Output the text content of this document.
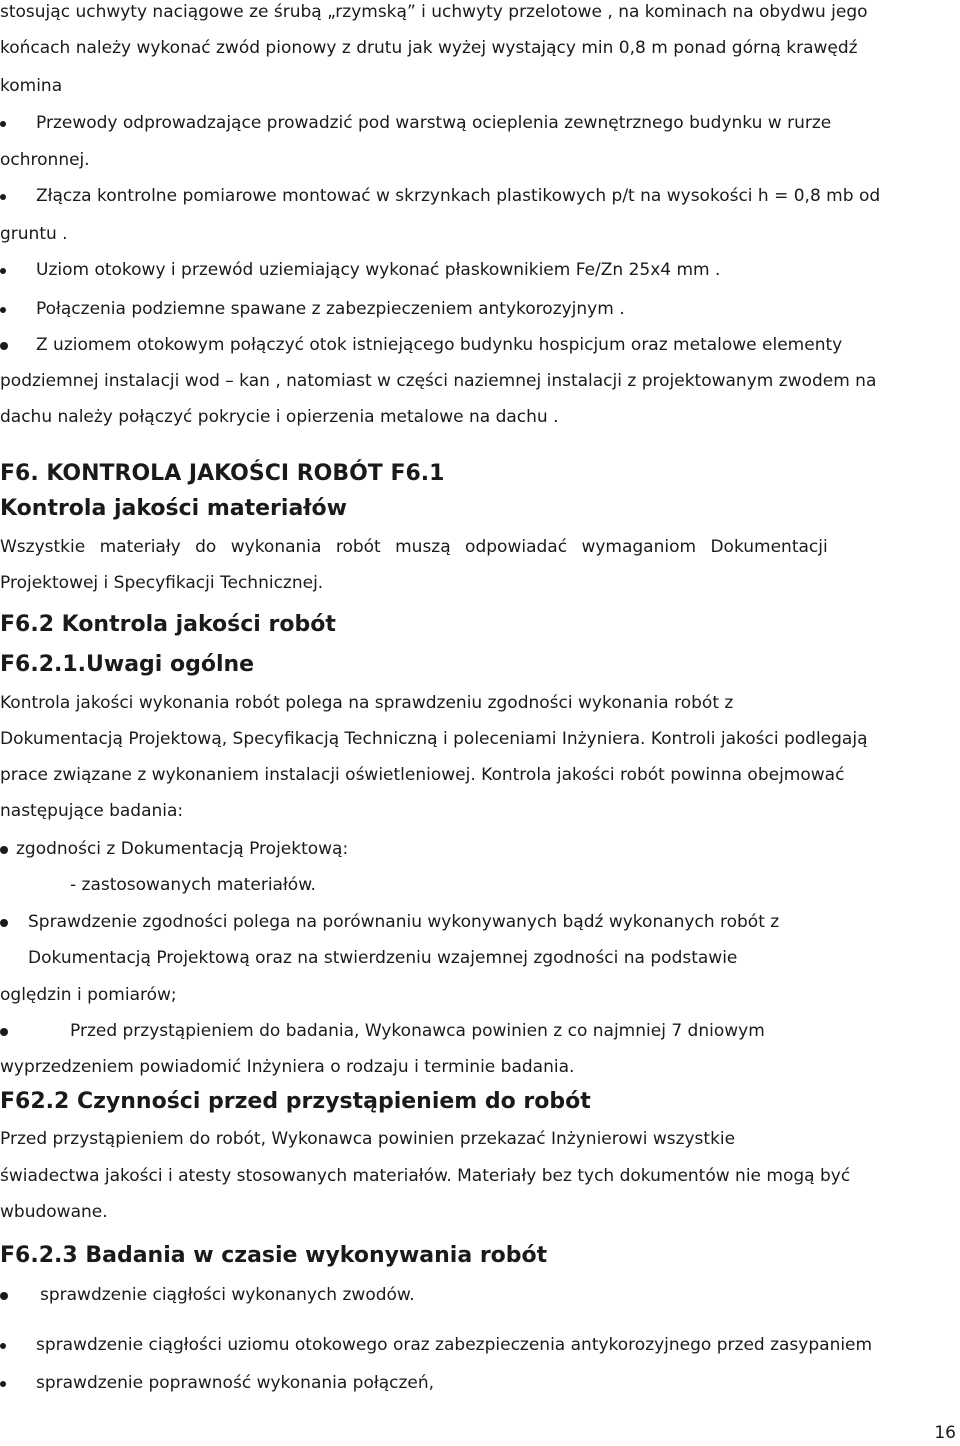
stosując uchwyty naciągowe ze śrubą „rzymską” i uchwyty przelotowe , na kominach na obydwu jego
końcach należy wykonać zwód pionowy z drutu jak wyżej wystający min 0,8 m ponad górną krawędź
komina
Przewody odprowadzające prowadzić pod warstwą ocieplenia zewnętrznego budynku w rurze
ochronnej.
Złącza kontrolne pomiarowe montować w skrzynkach plastikowych p/t na wysokości h = 0,8 mb od
gruntu .
Uziom otokowy i przewód uziemiający wykonać płaskownikiem Fe/Zn 25x4 mm .
Połączenia podziemne spawane z zabezpieczeniem antykorozyjnym .
Z uziomem otokowym połączyć otok istniejącego budynku hospicjum oraz metalowe elementy
podziemnej instalacji wod – kan , natomiast w części naziemnej instalacji z projektowanym zwodem na
dachu należy połączyć pokrycie i opierzenia metalowe na dachu .
F6. KONTROLA JAKOŚCI ROBÓT F6.1
Kontrola jakości materiałów
Wszystkie materiały do wykonania robót muszą odpowiadać wymaganiom Dokumentacji
Projektowej i Specyfikacji Technicznej.
F6.2 Kontrola jakości robót
F6.2.1.Uwagi ogólne
Kontrola jakości wykonania robót polega na sprawdzeniu zgodności wykonania robót z
Dokumentacją Projektową, Specyfikacją Techniczną i poleceniami Inżyniera. Kontroli jakości podlegają
prace związane z wykonaniem instalacji oświetleniowej. Kontrola jakości robót powinna obejmować
następujące badania:
zgodności z Dokumentacją Projektową:
- zastosowanych materiałów.
Sprawdzenie zgodności polega na porównaniu wykonywanych bądź wykonanych robót z
Dokumentacją Projektową oraz na stwierdzeniu wzajemnej zgodności na podstawie
oględzin i pomiarów;
Przed przystąpieniem do badania, Wykonawca powinien z co najmniej 7 dniowym
wyprzedzeniem powiadomić Inżyniera o rodzaju i terminie badania.
F62.2 Czynności przed przystąpieniem do robót
Przed przystąpieniem do robót, Wykonawca powinien przekazać Inżynierowi wszystkie
świadectwa jakości i atesty stosowanych materiałów. Materiały bez tych dokumentów nie mogą być
wbudowane.
F6.2.3 Badania w czasie wykonywania robót
sprawdzenie ciągłości wykonanych zwodów.
sprawdzenie ciągłości uziomu otokowego oraz zabezpieczenia antykorozyjnego przed zasypaniem
sprawdzenie poprawność wykonania połączeń,
16
